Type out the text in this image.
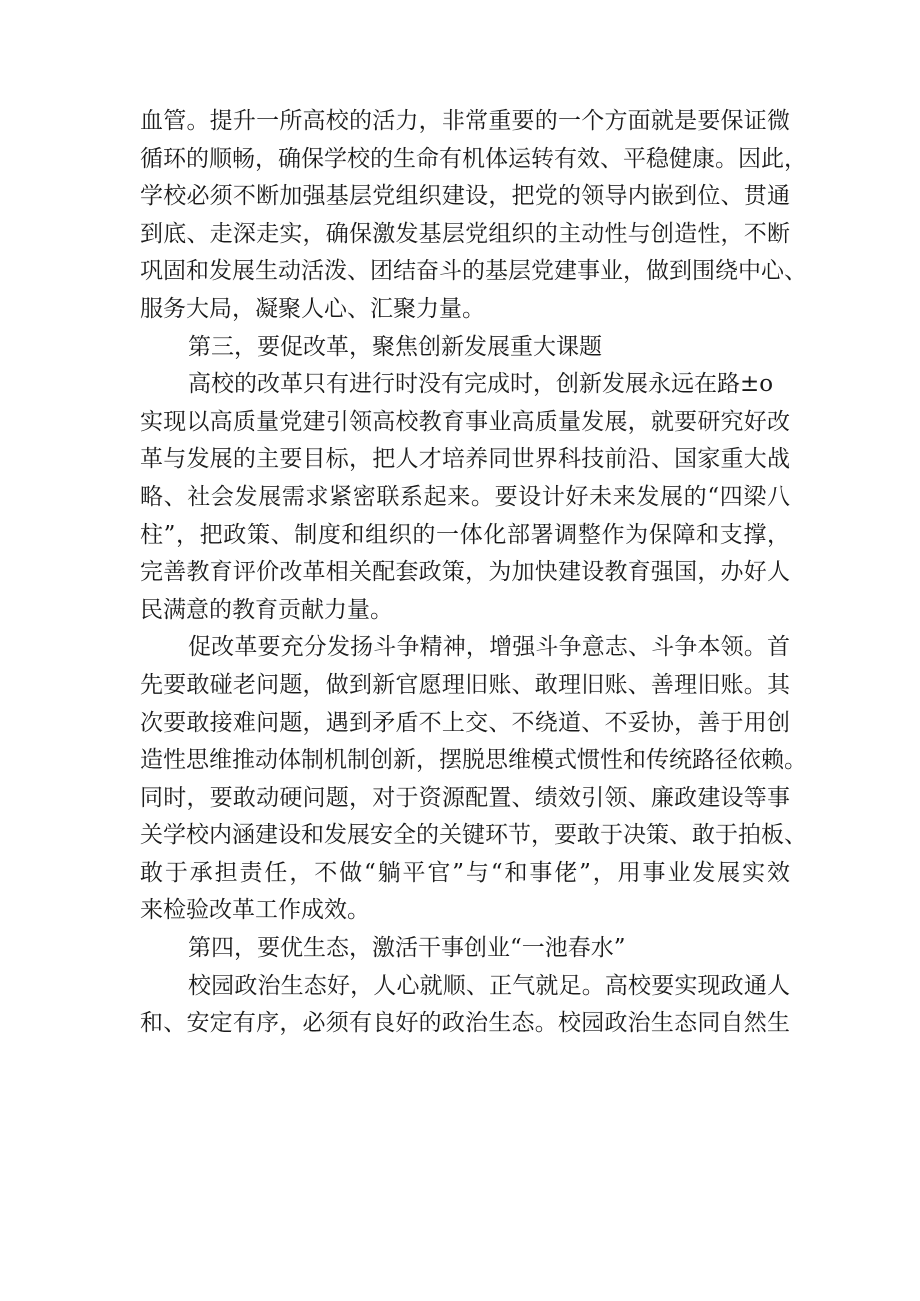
血管。提升一所高校的活力，非常重要的一个方面就是要保证微
循环的顺畅，确保学校的生命有机体运转有效、平稳健康。因此，
学校必须不断加强基层党组织建设，把党的领导内嵌到位、贯通
到底、走深走实，确保激发基层党组织的主动性与创造性，不断
巩固和发展生动活泼、团结奋斗的基层党建事业，做到围绕中心、
服务大局，凝聚人心、汇聚力量。
第三，要促改革，聚焦创新发展重大课题
高校的改革只有进行时没有完成时，创新发展永远在路±o
实现以高质量党建引领高校教育事业高质量发展，就要研究好改
革与发展的主要目标，把人才培养同世界科技前沿、国家重大战
略、社会发展需求紧密联系起来。要设计好未来发展的“四梁八
柱”，把政策、制度和组织的一体化部署调整作为保障和支撑，
完善教育评价改革相关配套政策，为加快建设教育强国，办好人
民满意的教育贡献力量。
促改革要充分发扬斗争精神，增强斗争意志、斗争本领。首
先要敢碰老问题，做到新官愿理旧账、敢理旧账、善理旧账。其
次要敢接难问题，遇到矛盾不上交、不绕道、不妥协，善于用创
造性思维推动体制机制创新，摆脱思维模式惯性和传统路径依赖。
同时，要敢动硬问题，对于资源配置、绩效引领、廉政建设等事
关学校内涵建设和发展安全的关键环节，要敢于决策、敢于拍板、
敢于承担责任，不做“躺平官”与“和事佬”，用事业发展实效
来检验改革工作成效。
第四，要优生态，激活干事创业“一池春水”
校园政治生态好，人心就顺、正气就足。高校要实现政通人
和、安定有序，必须有良好的政治生态。校园政治生态同自然生
